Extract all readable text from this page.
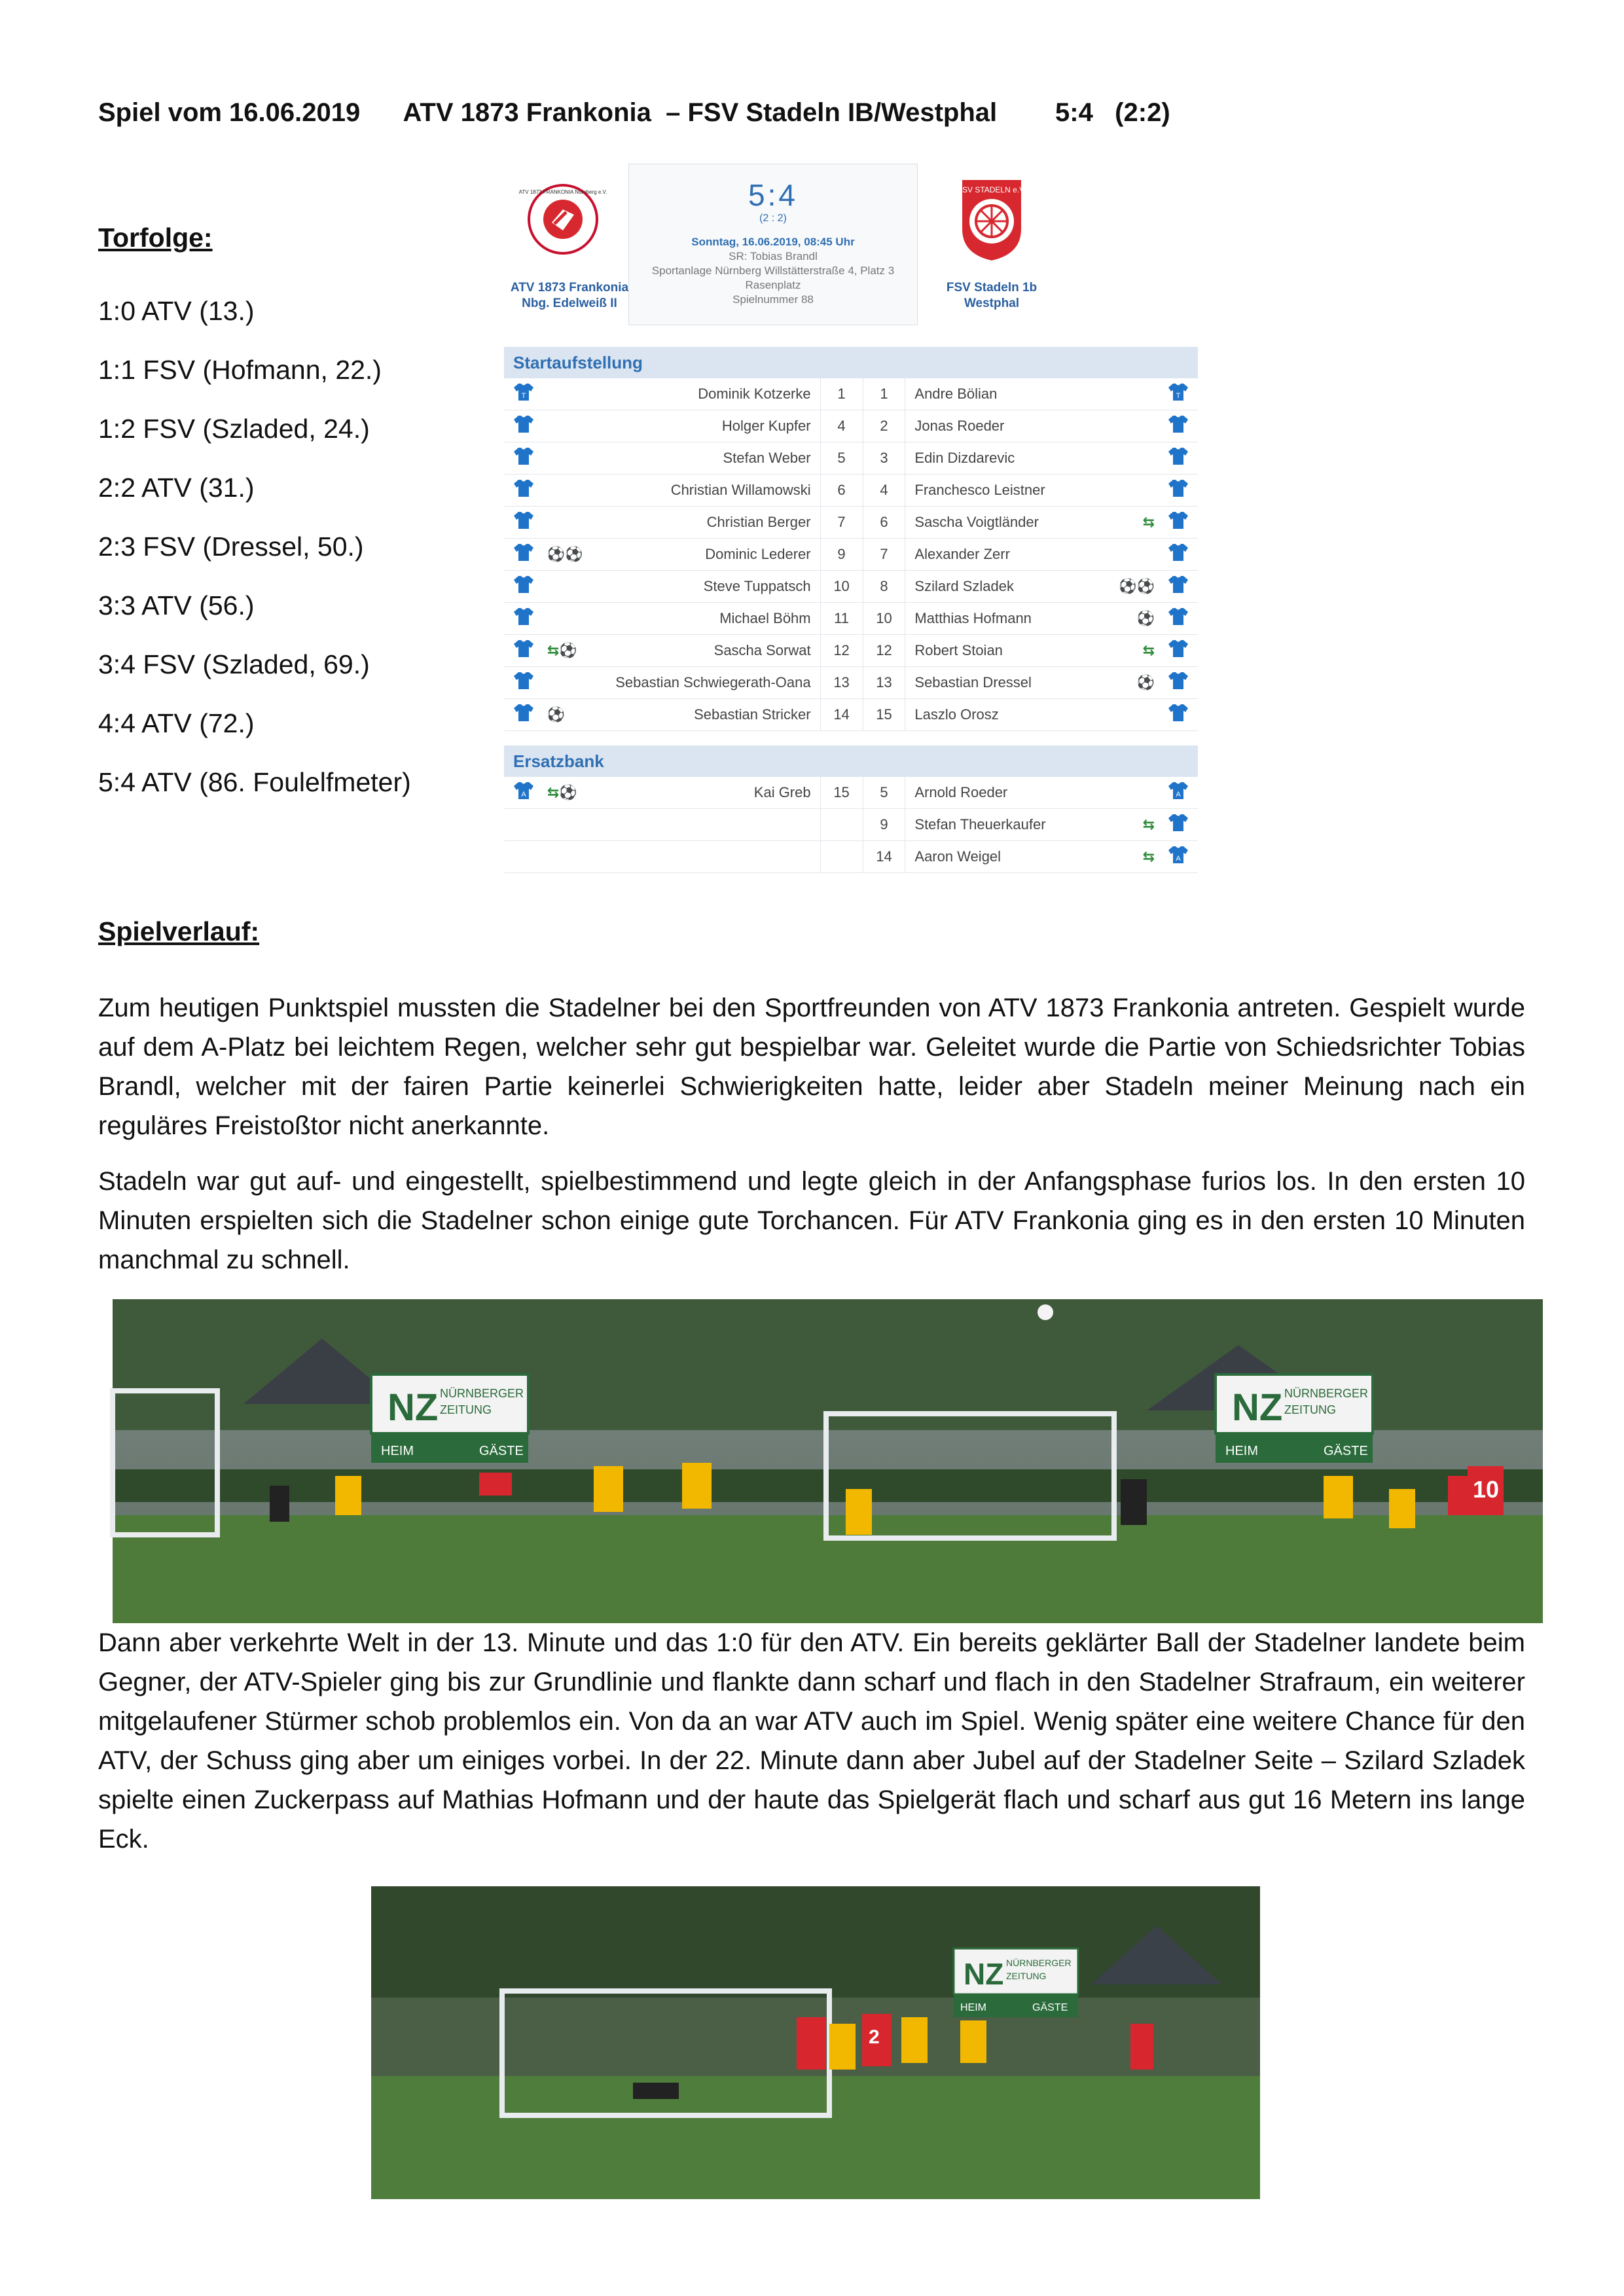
Spiel vom 16.06.2019 ATV 1873 Frankonia  – FSV Stadeln IB/Westphal 5:4   (2:2)
Torfolge:
1:0 ATV (13.)
1:1 FSV (Hofmann, 22.)
1:2 FSV (Szladed, 24.)
2:2 ATV (31.)
2:3 FSV (Dressel, 50.)
3:3 ATV (56.)
3:4 FSV (Szladed, 69.)
4:4 ATV (72.)
5:4 ATV (86. Foulelfmeter)
ATV 1873 FRANKONIA Nürnberg e.V.
ATV 1873 Frankonia Nbg. Edelweiß II
5:4
(2 : 2)
Sonntag, 16.06.2019, 08:45 Uhr
SR: Tobias Brandl
Sportanlage Nürnberg Willstätterstraße 4, Platz 3
Rasenplatz
Spielnummer 88
FSV STADELN e.V.
FSV Stadeln 1b Westphal
Startaufstellung							

T		Dominik Kotzerke	1	1	Andre Bölian		T

		Holger Kupfer	4	2	Jonas Roeder		
		Stefan Weber	5	3	Edin Dizdarevic		
		Christian Willamowski	6	4	Franchesco Leistner		
		Christian Berger	7	6	Sascha Voigtländer	⇆	
	⚽⚽	Dominic Lederer	9	7	Alexander Zerr		
		Steve Tuppatsch	10	8	Szilard Szladek	⚽⚽	
		Michael Böhm	11	10	Matthias Hofmann	⚽	
	⇆⚽	Sascha Sorwat	12	12	Robert Stoian	⇆	
		Sebastian Schwiegerath-Oana	13	13	Sebastian Dressel	⚽	
	⚽	Sebastian Stricker	14	15	Laszlo Orosz		

Ersatzbank							

A	⇆⚽	Kai Greb	15	5	Arnold Roeder		A

				9	Stefan Theuerkaufer	⇆	
				14	Aaron Weigel	⇆	A
Spielverlauf:
Zum heutigen Punktspiel mussten die Stadelner bei den Sportfreunden von ATV 1873 Frankonia antreten. Gespielt wurde auf dem A-Platz bei leichtem Regen, welcher sehr gut bespielbar war. Geleitet wurde die Partie von Schiedsrichter Tobias Brandl, welcher mit der fairen Partie keinerlei Schwierigkeiten hatte, leider aber Stadeln meiner Meinung nach ein reguläres Freistoßtor nicht anerkannte.
Stadeln war gut auf- und eingestellt, spielbestimmend und legte gleich in der Anfangsphase furios los. In den ersten 10 Minuten erspielten sich die Stadelner schon einige gute Torchancen. Für ATV Frankonia ging es in den ersten 10 Minuten manchmal zu schnell.
NZ NÜRNBERGER
ZEITUNG
HEIM	GÄSTE
NZ NÜRNBERGER
ZEITUNG
HEIM	GÄSTE
10
Dann aber verkehrte Welt in der 13. Minute und das 1:0 für den ATV. Ein bereits geklärter Ball der Stadelner landete beim Gegner, der ATV-Spieler ging bis zur Grundlinie und flankte dann scharf und flach in den Stadelner Strafraum, ein weiterer mitgelaufener Stürmer schob problemlos ein. Von da an war ATV auch im Spiel. Wenig später eine weitere Chance für den ATV, der Schuss ging aber um einiges vorbei. In der 22. Minute dann aber Jubel auf der Stadelner Seite – Szilard Szladek spielte einen Zuckerpass auf Mathias Hofmann und der haute das Spielgerät flach und scharf aus gut 16 Metern ins lange Eck.
NZ NÜRNBERGER
ZEITUNG
HEIM	GÄSTE
2
